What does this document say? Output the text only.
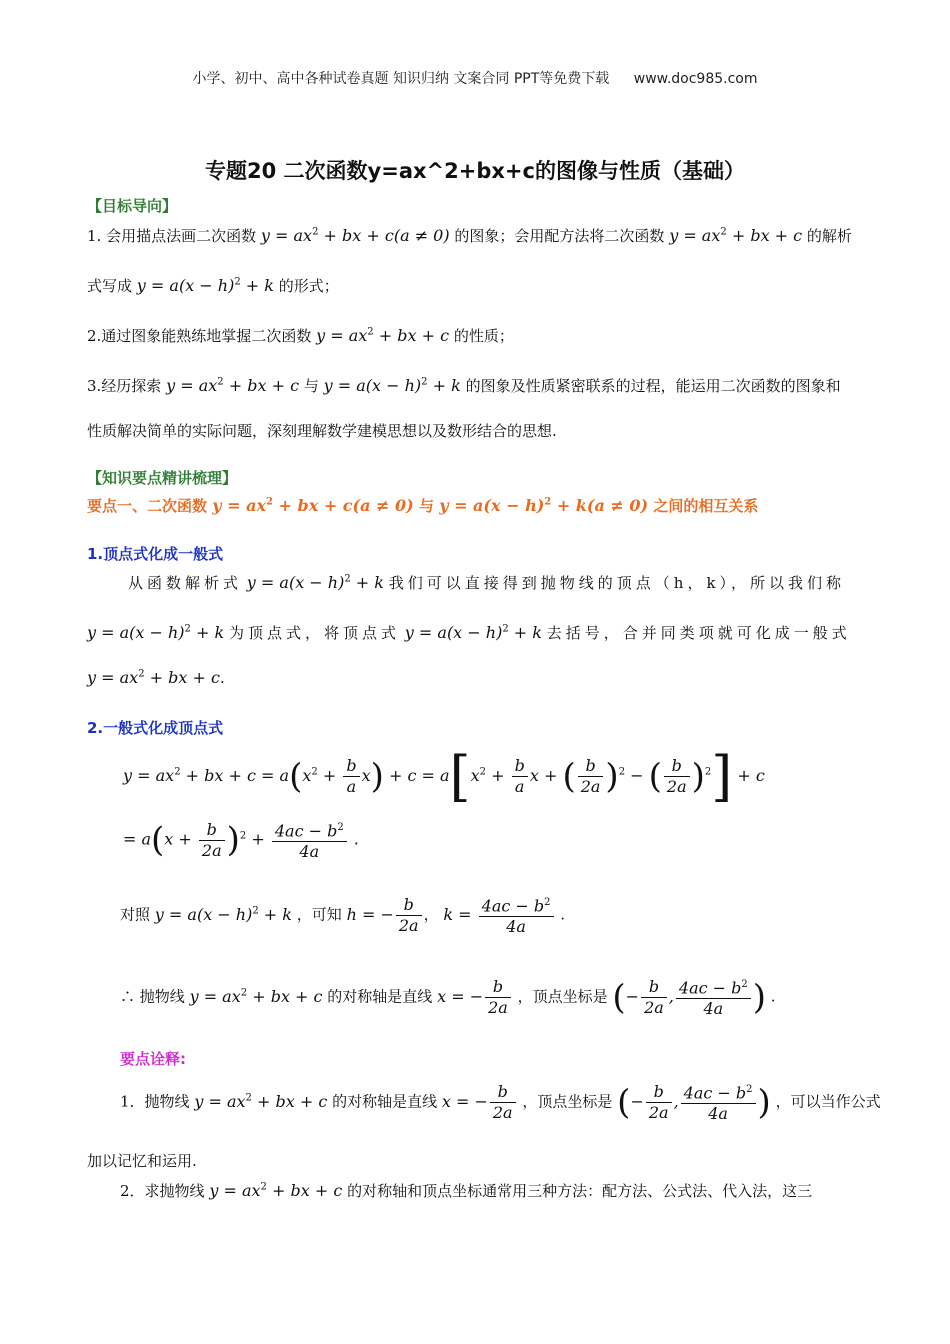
小学、初中、高中各种试卷真题 知识归纳 文案合同 PPT等免费下载 www.doc985.com
专题20 二次函数y=ax^2+bx+c的图像与性质（基础）
【目标导向】
1. 会用描点法画二次函数 $y = ax^2$ + bx + c(a ≠ 0) 的图象；会用配方法将二次函数 $y = ax^2$ + bx + c 的解析
式写成 $y = a(x - h)^2 + k$ 的形式；
2.通过图象能熟练地掌握二次函数 $y = ax^2$ + bx + c 的性质；
3.经历探索 $y = ax^2$ + bx + c 与 $y = a(x - h)^2 + k$ 的图象及性质紧密联系的过程，能运用二次函数的图象和
性质解决简单的实际问题，深刻理解数学建模思想以及数形结合的思想.
【知识要点精讲梳理】
要点一、二次函数 $y = ax^2$ + bx + c(a ≠ 0) 与 $y = a(x - h)^2 + k(a \ne 0)$ 之间的相互关系
1.顶点式化成一般式
从函数解析式 $y = a(x - h)^2 + k$ 我们可以直接得到抛物线的顶点（h，k），所以我们称
$y = a(x - h)^2 + k$ 为顶点式，将顶点式 $y = a(x - h)^2 + k$ 去括号，合并同类项就可化成一般式
$y = ax^2$ + bx + c.
2.一般式化成顶点式
$y = ax^2$ + bx + $c = a(x^2 + \frac{b}{a} x) + c = a[x^2 + \frac{b}{a}$ x + ( $\frac{b}{2a} )^2$ − ( $\frac{b}{2a} )^2] + c$
= $a(x + \frac{b}{2a} )^2 + \frac{4ac - b^2}{4a}$ .
对照 $y = a(x - h)^2 + k$ ，可知 h = − $\frac{b}{2a}$ ， $k = \frac{4ac - b^2}{4a}$ .
∴ 抛物线 $y = ax^2$ + bx + c 的对称轴是直线 x = − $\frac{b}{2a}$ ，顶点坐标是 (− $\frac{b}{2a}$ , $\frac{4ac - b^2}{4a}$ ) .
要点诠释:
1．抛物线 $y = ax^2$ + bx + c 的对称轴是直线 x = − $\frac{b}{2a}$ ，顶点坐标是 (− $\frac{b}{2a}$ , $\frac{4ac - b^2}{4a}$ ) ，可以当作公式
加以记忆和运用.
2．求抛物线 $y = ax^2$ + bx + c 的对称轴和顶点坐标通常用三种方法：配方法、公式法、代入法，这三
